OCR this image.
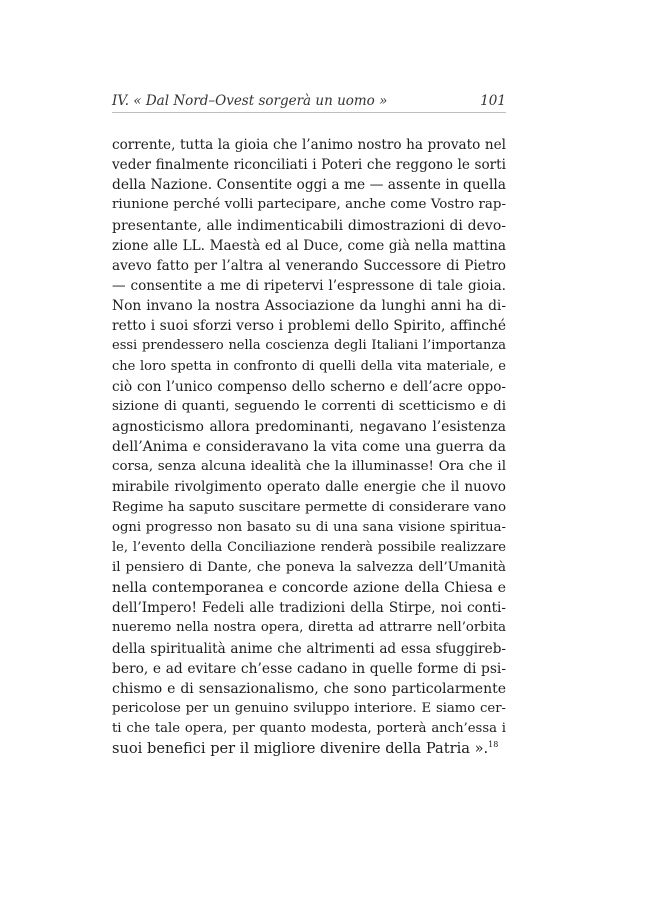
IV. « Dal Nord–Ovest sorgerà un uomo »	101
corrente, tutta la gioia che l’animo nostro ha provato nel
veder finalmente riconciliati i Poteri che reggono le sorti
della Nazione. Consentite oggi a me — assente in quella
riunione perché volli partecipare, anche come Vostro rap-
presentante, alle indimenticabili dimostrazioni di devo-
zione alle LL. Maestà ed al Duce, come già nella mattina
avevo fatto per l’altra al venerando Successore di Pietro
— consentite a me di ripetervi l’espressone di tale gioia.
Non invano la nostra Associazione da lunghi anni ha di-
retto i suoi sforzi verso i problemi dello Spirito, affinché
essi prendessero nella coscienza degli Italiani l’importanza
che loro spetta in confronto di quelli della vita materiale, e
ciò con l’unico compenso dello scherno e dell’acre oppo-
sizione di quanti, seguendo le correnti di scetticismo e di
agnosticismo allora predominanti, negavano l’esistenza
dell’Anima e consideravano la vita come una guerra da
corsa, senza alcuna idealità che la illuminasse! Ora che il
mirabile rivolgimento operato dalle energie che il nuovo
Regime ha saputo suscitare permette di considerare vano
ogni progresso non basato su di una sana visione spiritua-
le, l’evento della Conciliazione renderà possibile realizzare
il pensiero di Dante, che poneva la salvezza dell’Umanità
nella contemporanea e concorde azione della Chiesa e
dell’Impero! Fedeli alle tradizioni della Stirpe, noi conti-
nueremo nella nostra opera, diretta ad attrarre nell’orbita
della spiritualità anime che altrimenti ad essa sfuggireb-
bero, e ad evitare ch’esse cadano in quelle forme di psi-
chismo e di sensazionalismo, che sono particolarmente
pericolose per un genuino sviluppo interiore. E siamo cer-
ti che tale opera, per quanto modesta, porterà anch’essa i
suoi benefici per il migliore divenire della Patria ».$^{18}$
